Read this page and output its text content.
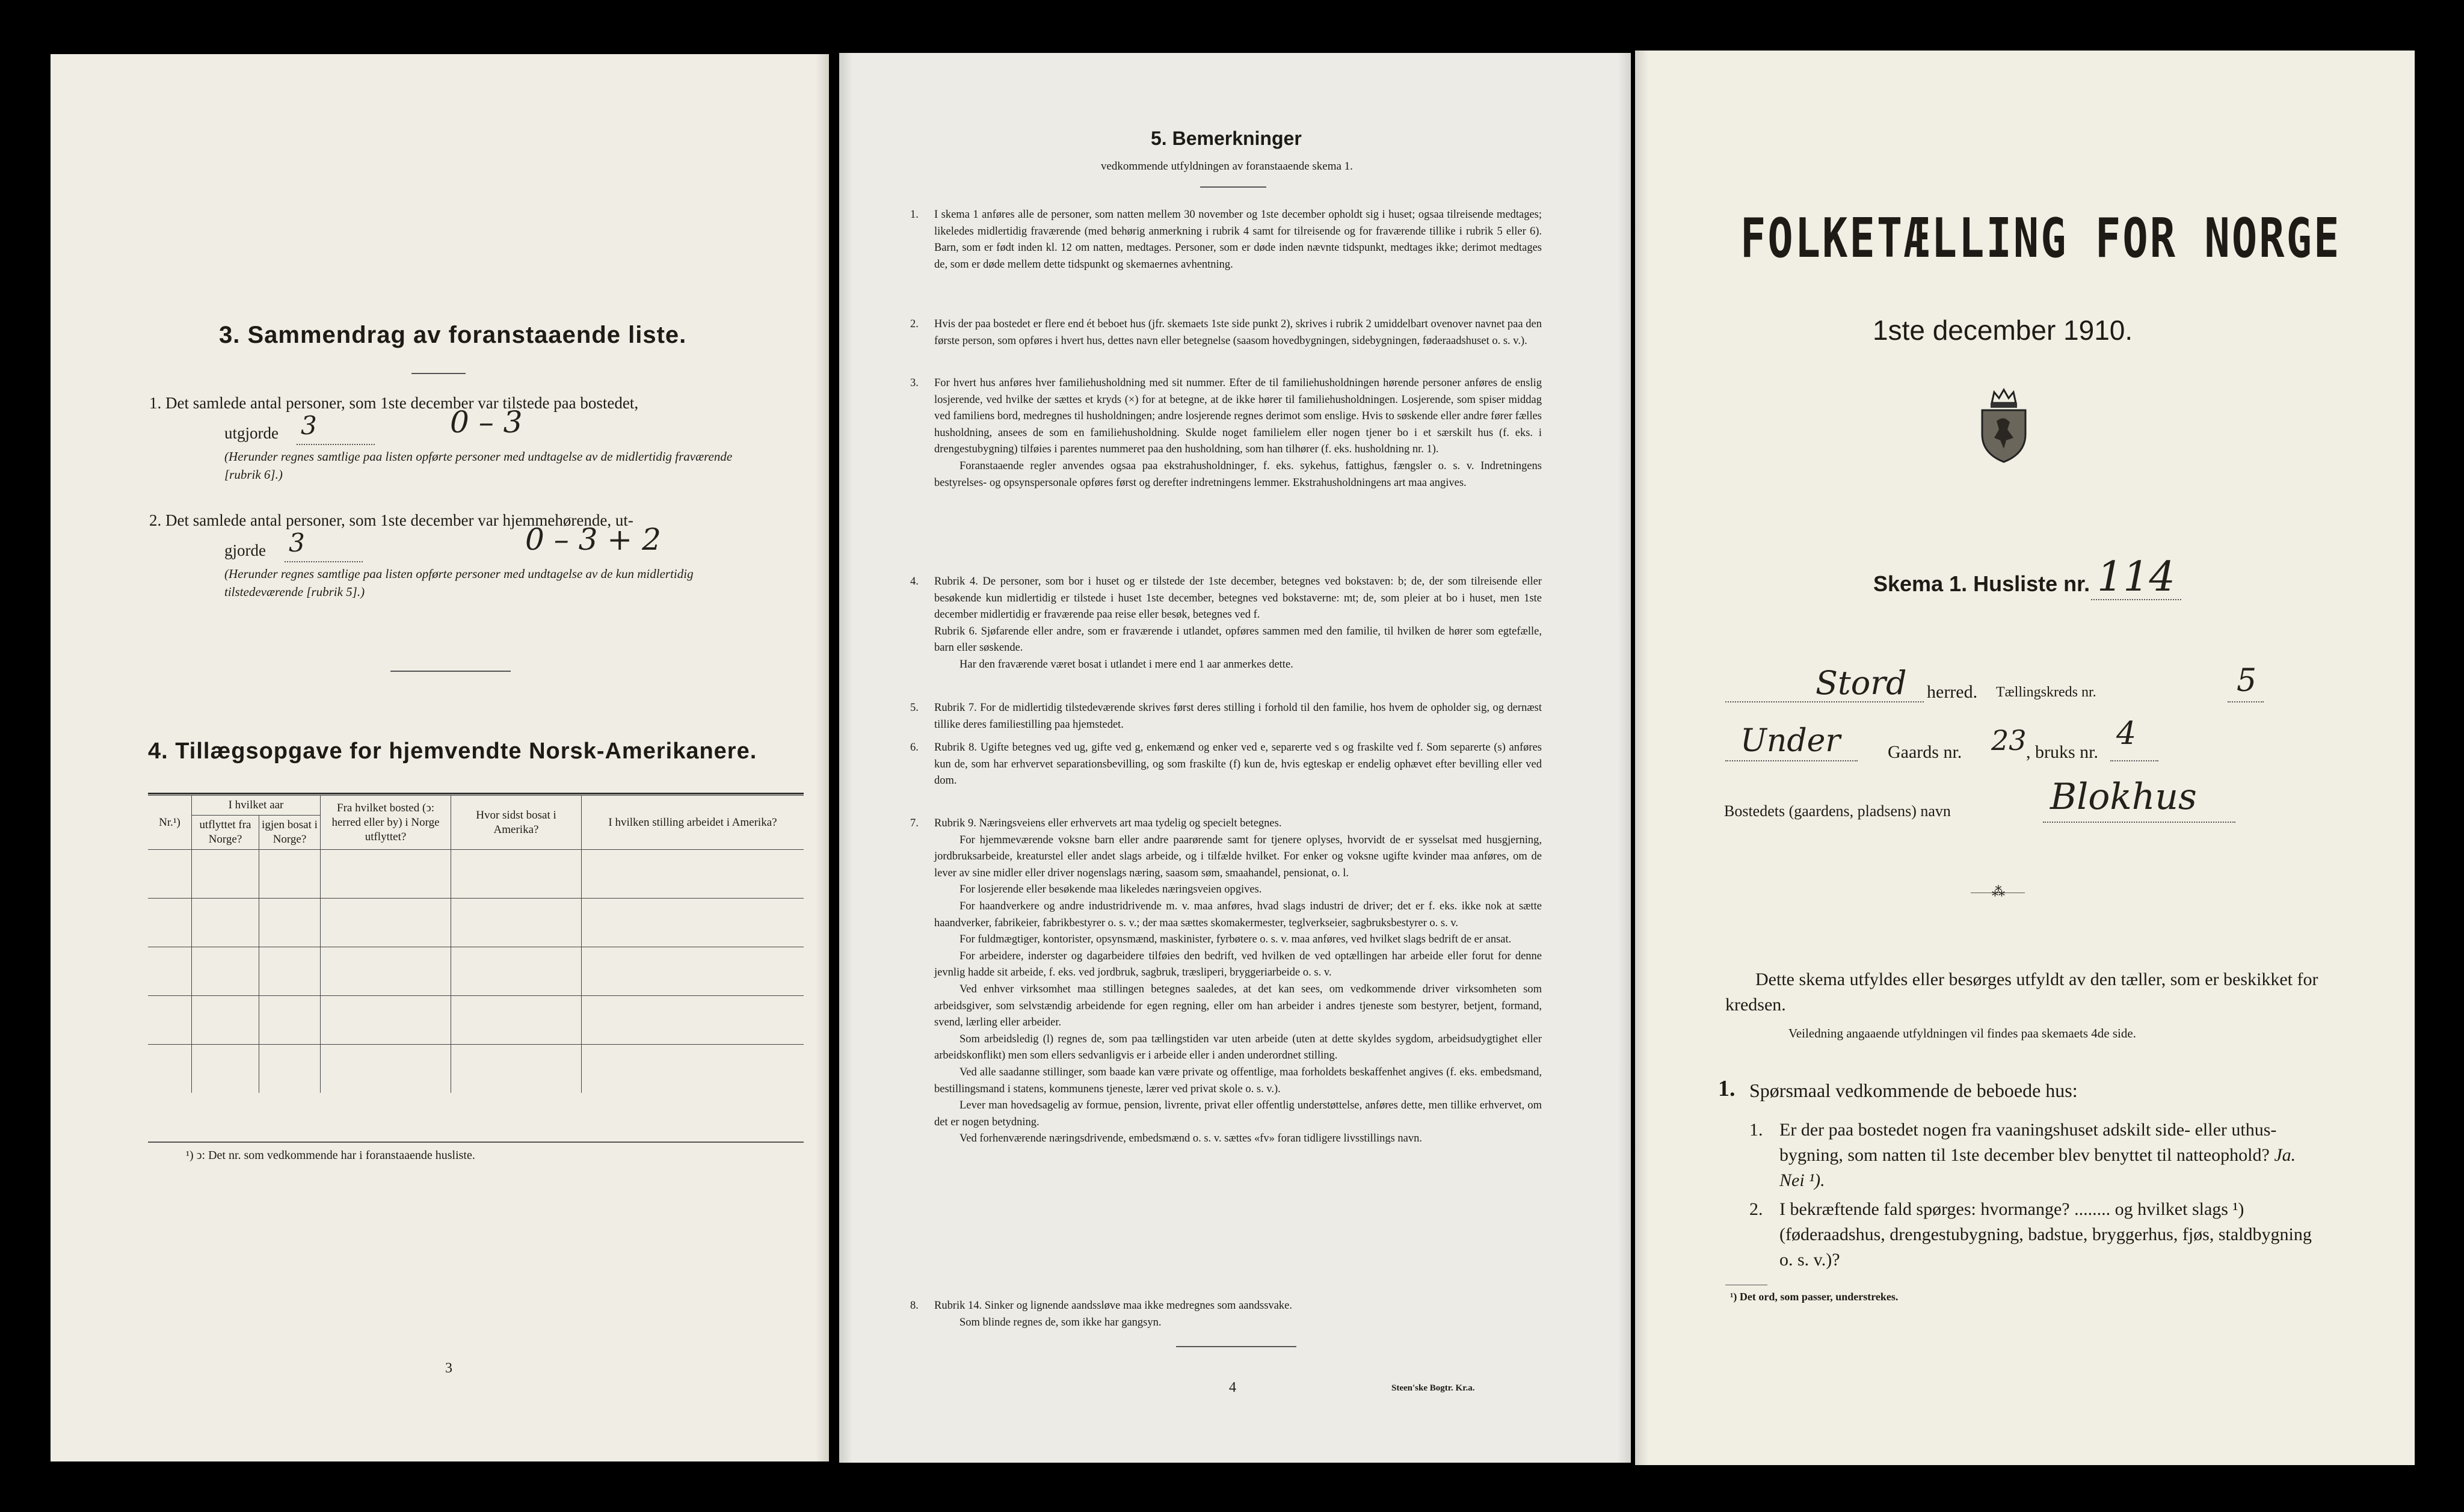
3. Sammendrag av foranstaaende liste.
1. Det samlede antal personer, som 1ste december var tilstede paa bostedet,
utgjorde 3	0 – 3
(Herunder regnes samtlige paa listen opførte personer med undtagelse av de midlertidig fraværende [rubrik 6].)
2. Det samlede antal personer, som 1ste december var hjemmehørende, ut-
gjorde 3	0 – 3 + 2
(Herunder regnes samtlige paa listen opførte personer med undtagelse av de kun midlertidig tilstedeværende [rubrik 5].)
4. Tillægsopgave for hjemvendte Norsk-Amerikanere.
Nr.¹)	I hvilket aar		Fra hvilket bosted (ↄ: herred eller by) i Norge utflyttet?	Hvor sidst bosat i Amerika?	I hvilken stilling arbeidet i Amerika?
	utflyttet fra Norge?	igjen bosat i Norge?			

¹) ↄ: Det nr. som vedkommende har i foranstaaende husliste.
3
5. Bemerkninger
vedkommende utfyldningen av foranstaaende skema 1.
1. I skema 1 anføres alle de personer, som natten mellem 30 november og 1ste december opholdt sig i huset; ogsaa tilreisende medtages; likeledes midlertidig fraværende (med behørig anmerkning i rubrik 4 samt for tilreisende og for fraværende tillike i rubrik 5 eller 6). Barn, som er født inden kl. 12 om natten, medtages. Personer, som er døde inden nævnte tidspunkt, medtages ikke; derimot medtages de, som er døde mellem dette tidspunkt og skemaernes avhentning.

2. Hvis der paa bostedet er flere end ét beboet hus (jfr. skemaets 1ste side punkt 2), skrives i rubrik 2 umiddelbart ovenover navnet paa den første person, som opføres i hvert hus, dettes navn eller betegnelse (saasom hovedbygningen, sidebygningen, føderaadshuset o. s. v.).

3. For hvert hus anføres hver familiehusholdning med sit nummer. Efter de til familiehusholdningen hørende personer anføres de enslig losjerende, ved hvilke der sættes et kryds (×) for at betegne, at de ikke hører til familiehusholdningen. Losjerende, som spiser middag ved familiens bord, medregnes til husholdningen; andre losjerende regnes derimot som enslige. Hvis to søskende eller andre fører fælles husholdning, ansees de som en familiehusholdning. Skulde noget familielem eller nogen tjener bo i et særskilt hus (f. eks. i drengestubygning) tilføies i parentes nummeret paa den husholdning, som han tilhører (f. eks. husholdning nr. 1).

Foranstaaende regler anvendes ogsaa paa ekstrahusholdninger, f. eks. sykehus, fattighus, fængsler o. s. v. Indretningens bestyrelses- og opsynspersonale opføres først og derefter indretningens lemmer. Ekstrahusholdningens art maa angives.

4. Rubrik 4. De personer, som bor i huset og er tilstede der 1ste december, betegnes ved bokstaven: b; de, der som tilreisende eller besøkende kun midlertidig er tilstede i huset 1ste december, betegnes ved bokstaverne: mt; de, som pleier at bo i huset, men 1ste december midlertidig er fraværende paa reise eller besøk, betegnes ved f.

Rubrik 6. Sjøfarende eller andre, som er fraværende i utlandet, opføres sammen med den familie, til hvilken de hører som egtefælle, barn eller søskende.

Har den fraværende været bosat i utlandet i mere end 1 aar anmerkes dette.

5. Rubrik 7. For de midlertidig tilstedeværende skrives først deres stilling i forhold til den familie, hos hvem de opholder sig, og dernæst tillike deres familiestilling paa hjemstedet.

6. Rubrik 8. Ugifte betegnes ved ug, gifte ved g, enkemænd og enker ved e, separerte ved s og fraskilte ved f. Som separerte (s) anføres kun de, som har erhvervet separationsbevilling, og som fraskilte (f) kun de, hvis egteskap er endelig ophævet efter bevilling eller ved dom.

7. Rubrik 9. Næringsveiens eller erhvervets art maa tydelig og specielt betegnes.

For hjemmeværende voksne barn eller andre paarørende samt for tjenere oplyses, hvorvidt de er sysselsat med husgjerning, jordbruksarbeide, kreaturstel eller andet slags arbeide, og i tilfælde hvilket. For enker og voksne ugifte kvinder maa anføres, om de lever av sine midler eller driver nogenslags næring, saasom søm, smaahandel, pensionat, o. l.

For losjerende eller besøkende maa likeledes næringsveien opgives.

For haandverkere og andre industridrivende m. v. maa anføres, hvad slags industri de driver; det er f. eks. ikke nok at sætte haandverker, fabrikeier, fabrikbestyrer o. s. v.; der maa sættes skomakermester, teglverkseier, sagbruksbestyrer o. s. v.

For fuldmægtiger, kontorister, opsynsmænd, maskinister, fyrbøtere o. s. v. maa anføres, ved hvilket slags bedrift de er ansat.

For arbeidere, inderster og dagarbeidere tilføies den bedrift, ved hvilken de ved optællingen har arbeide eller forut for denne jevnlig hadde sit arbeide, f. eks. ved jordbruk, sagbruk, træsliperi, bryggeriarbeide o. s. v.

Ved enhver virksomhet maa stillingen betegnes saaledes, at det kan sees, om vedkommende driver virksomheten som arbeidsgiver, som selvstændig arbeidende for egen regning, eller om han arbeider i andres tjeneste som bestyrer, betjent, formand, svend, lærling eller arbeider.

Som arbeidsledig (l) regnes de, som paa tællingstiden var uten arbeide (uten at dette skyldes sygdom, arbeidsudygtighet eller arbeidskonflikt) men som ellers sedvanligvis er i arbeide eller i anden underordnet stilling.

Ved alle saadanne stillinger, som baade kan være private og offentlige, maa forholdets beskaffenhet angives (f. eks. embedsmand, bestillingsmand i statens, kommunens tjeneste, lærer ved privat skole o. s. v.).

Lever man hovedsagelig av formue, pension, livrente, privat eller offentlig understøttelse, anføres dette, men tillike erhvervet, om det er nogen betydning.

Ved forhenværende næringsdrivende, embedsmænd o. s. v. sættes «fv» foran tidligere livsstillings navn.

8. Rubrik 14. Sinker og lignende aandssløve maa ikke medregnes som aandssvake.

Som blinde regnes de, som ikke har gangsyn.

4	Steen'ske Bogtr. Kr.a.
FOLKETÆLLING FOR NORGE
1ste december 1910.
Skema 1. Husliste nr. 114
Stord herred. Tællingskreds nr.	5
Under	Gaards nr. 23 , bruks nr.
4
Bostedets (gaardens, pladsens) navn	Blokhus
⁂
Dette skema utfyldes eller besørges utfyldt av den tæller, som er beskikket for kredsen.
Veiledning angaaende utfyldningen vil findes paa skemaets 4de side.
1. Spørsmaal vedkommende de beboede hus:
1. Er der paa bostedet nogen fra vaaningshuset adskilt side- eller uthus-bygning, som natten til 1ste december blev benyttet til natteophold? Ja. Nei ¹).
2. I bekræftende fald spørges: hvormange? ........ og hvilket slags ¹) (føderaadshus, drengestubygning, badstue, bryggerhus, fjøs, staldbygning o. s. v.)?
¹) Det ord, som passer, understrekes.
